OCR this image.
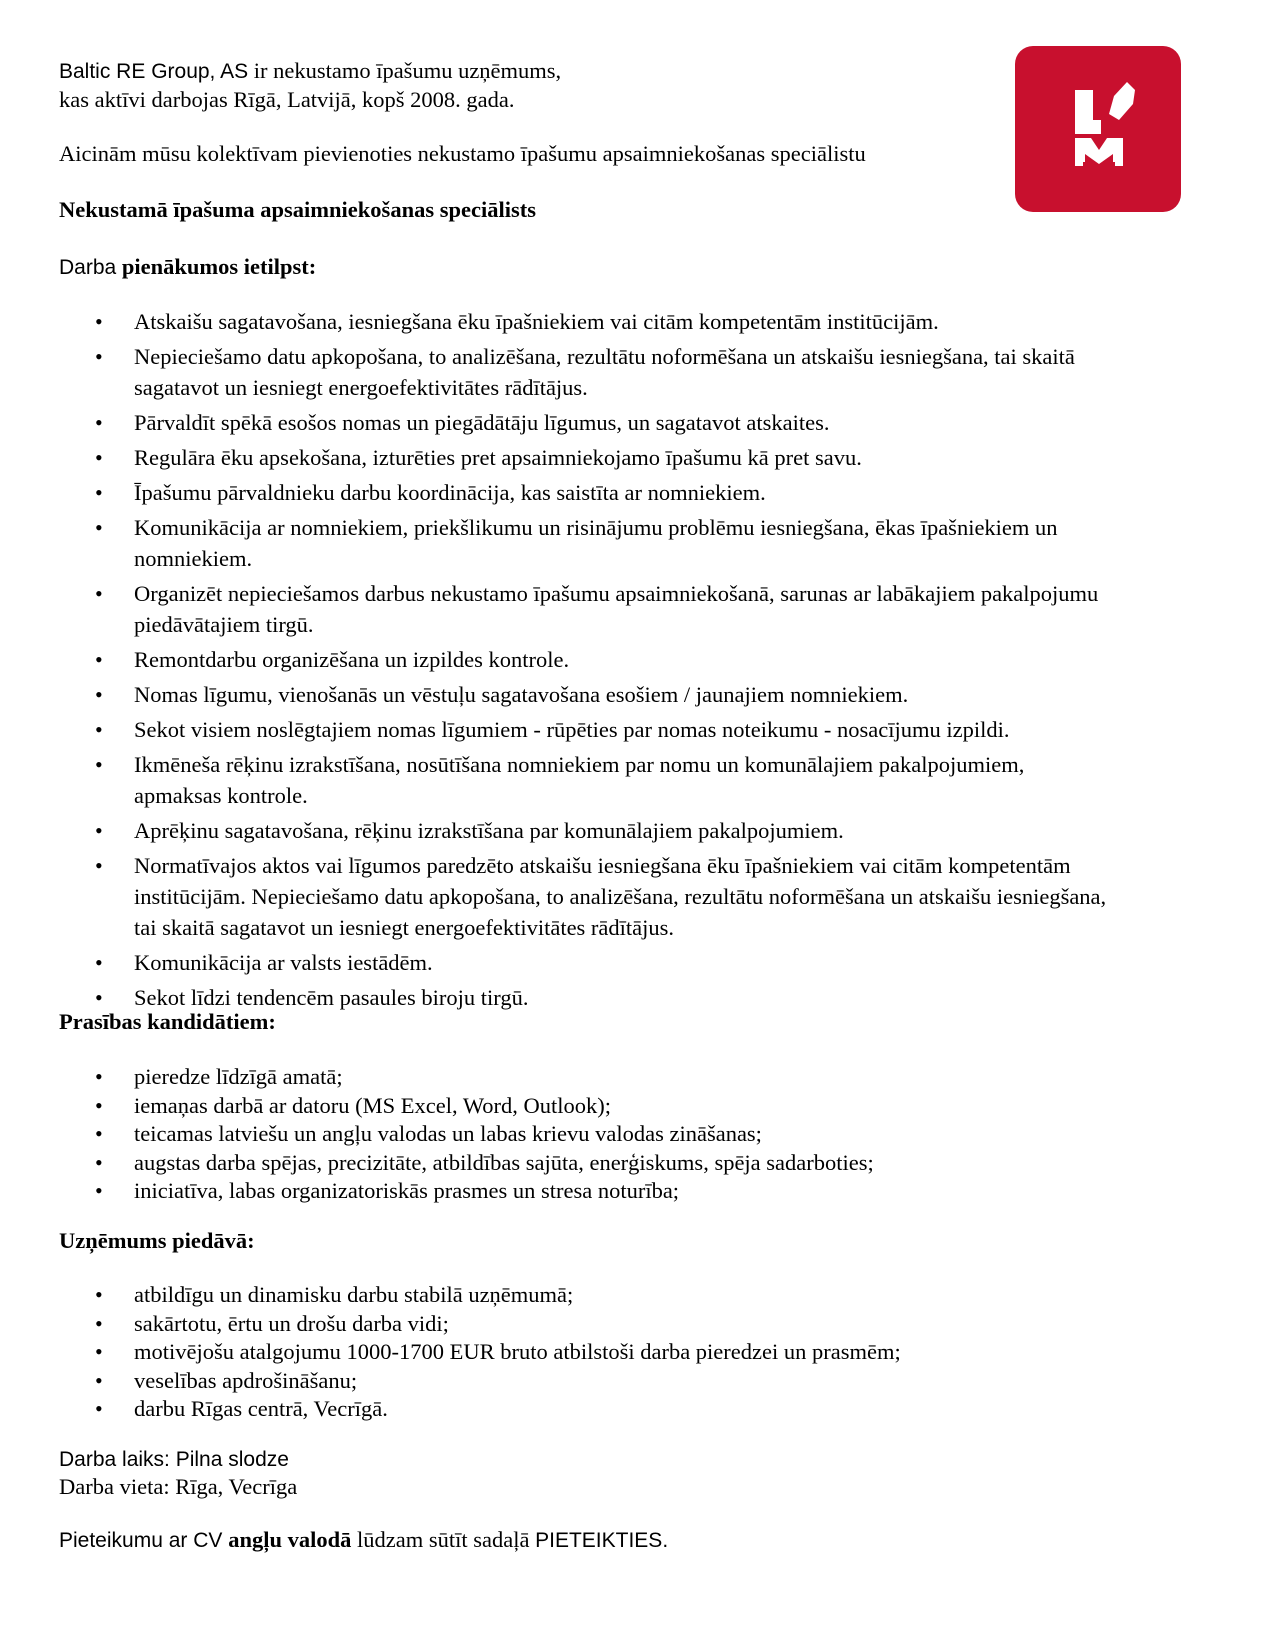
Baltic RE Group, AS ir nekustamo īpašumu uzņēmums,
kas aktīvi darbojas Rīgā, Latvijā, kopš 2008. gada.
Aicinām mūsu kolektīvam pievienoties nekustamo īpašumu apsaimniekošanas speciālistu
Nekustamā īpašuma apsaimniekošanas speciālists
Darba pienākumos ietilpst:
• Atskaišu sagatavošana, iesniegšana ēku īpašniekiem vai citām kompetentām institūcijām.
• Nepieciešamo datu apkopošana, to analizēšana, rezultātu noformēšana un atskaišu iesniegšana, tai skaitā
sagatavot un iesniegt energoefektivitātes rādītājus.
• Pārvaldīt spēkā esošos nomas un piegādātāju līgumus, un sagatavot atskaites.
• Regulāra ēku apsekošana, izturēties pret apsaimniekojamo īpašumu kā pret savu.
• Īpašumu pārvaldnieku darbu koordinācija, kas saistīta ar nomniekiem.
• Komunikācija ar nomniekiem, priekšlikumu un risinājumu problēmu iesniegšana, ēkas īpašniekiem un
nomniekiem.
• Organizēt nepieciešamos darbus nekustamo īpašumu apsaimniekošanā, sarunas ar labākajiem pakalpojumu
piedāvātajiem tirgū.
• Remontdarbu organizēšana un izpildes kontrole.
• Nomas līgumu, vienošanās un vēstuļu sagatavošana esošiem / jaunajiem nomniekiem.
• Sekot visiem noslēgtajiem nomas līgumiem - rūpēties par nomas noteikumu - nosacījumu izpildi.
• Ikmēneša rēķinu izrakstīšana, nosūtīšana nomniekiem par nomu un komunālajiem pakalpojumiem,
apmaksas kontrole.
• Aprēķinu sagatavošana, rēķinu izrakstīšana par komunālajiem pakalpojumiem.
• Normatīvajos aktos vai līgumos paredzēto atskaišu iesniegšana ēku īpašniekiem vai citām kompetentām
institūcijām. Nepieciešamo datu apkopošana, to analizēšana, rezultātu noformēšana un atskaišu iesniegšana,
tai skaitā sagatavot un iesniegt energoefektivitātes rādītājus.
• Komunikācija ar valsts iestādēm.
• Sekot līdzi tendencēm pasaules biroju tirgū.
Prasības kandidātiem:
• pieredze līdzīgā amatā;
• iemaņas darbā ar datoru (MS Excel, Word, Outlook);
• teicamas latviešu un angļu valodas un labas krievu valodas zināšanas;
• augstas darba spējas, precizitāte, atbildības sajūta, enerģiskums, spēja sadarboties;
• iniciatīva, labas organizatoriskās prasmes un stresa noturība;
Uzņēmums piedāvā:
• atbildīgu un dinamisku darbu stabilā uzņēmumā;
• sakārtotu, ērtu un drošu darba vidi;
• motivējošu atalgojumu 1000-1700 EUR bruto atbilstoši darba pieredzei un prasmēm;
• veselības apdrošināšanu;
• darbu Rīgas centrā, Vecrīgā.
Darba laiks: Pilna slodze
Darba vieta: Rīga, Vecrīga
Pieteikumu ar CV angļu valodā lūdzam sūtīt sadaļā PIETEIKTIES.
